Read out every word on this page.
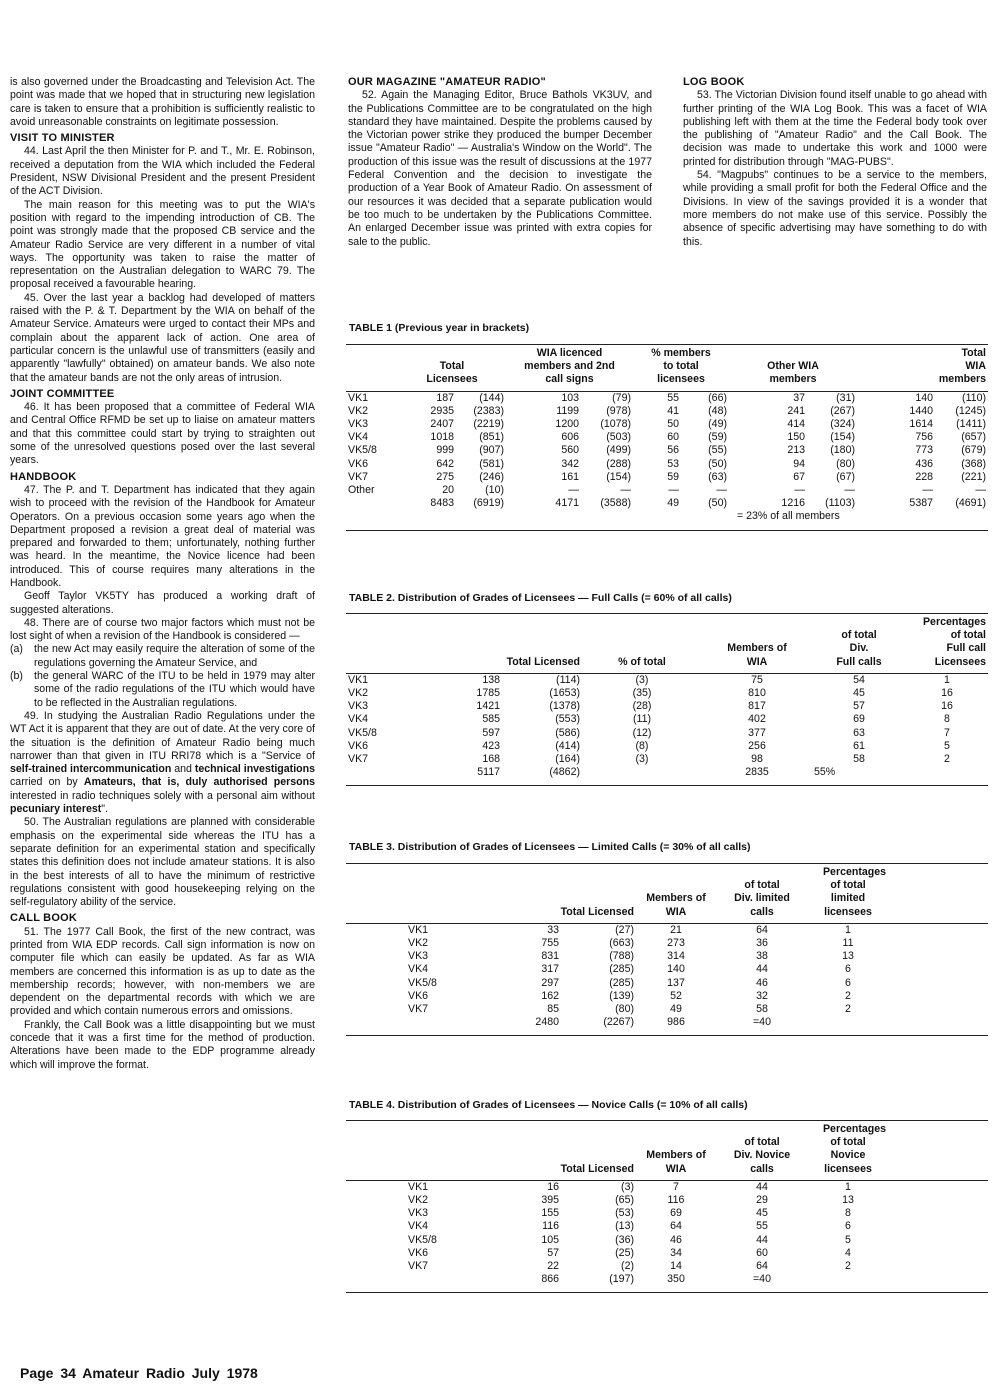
is also governed under the Broadcasting and Television Act. The point was made that we hoped that in structuring new legislation care is taken to ensure that a prohibition is sufficiently realistic to avoid unreasonable constraints on legitimate possession.

VISIT TO MINISTER

44. Last April the then Minister for P. and T., Mr. E. Robinson, received a deputation from the WIA which included the Federal President, NSW Divisional President and the present President of the ACT Division.

The main reason for this meeting was to put the WIA's position with regard to the impending introduction of CB. The point was strongly made that the proposed CB service and the Amateur Radio Service are very different in a number of vital ways. The opportunity was taken to raise the matter of representation on the Australian delegation to WARC 79. The proposal received a favourable hearing.

45. Over the last year a backlog had developed of matters raised with the P. & T. Department by the WIA on behalf of the Amateur Service. Amateurs were urged to contact their MPs and complain about the apparent lack of action. One area of particular concern is the unlawful use of transmitters (easily and apparently "lawfully" obtained) on amateur bands. We also note that the amateur bands are not the only areas of intrusion.

JOINT COMMITTEE

46. It has been proposed that a committee of Federal WIA and Central Office RFMD be set up to liaise on amateur matters and that this committee could start by trying to straighten out some of the unresolved questions posed over the last several years.

HANDBOOK

47. The P. and T. Department has indicated that they again wish to proceed with the revision of the Handbook for Amateur Operators. On a previous occasion some years ago when the Department proposed a revision a great deal of material was prepared and forwarded to them; unfortunately, nothing further was heard. In the meantime, the Novice licence had been introduced. This of course requires many alterations in the Handbook.

Geoff Taylor VK5TY has produced a working draft of suggested alterations.

48. There are of course two major factors which must not be lost sight of when a revision of the Handbook is considered —

(a) the new Act may easily require the alteration of some of the regulations governing the Amateur Service, and

(b) the general WARC of the ITU to be held in 1979 may alter some of the radio regulations of the ITU which would have to be reflected in the Australian regulations.

49. In studying the Australian Radio Regulations under the WT Act it is apparent that they are out of date. At the very core of the situation is the definition of Amateur Radio being much narrower than that given in ITU RRI78 which is a "Service of self-trained intercommunication and technical investigations carried on by Amateurs, that is, duly authorised persons interested in radio techniques solely with a personal aim without pecuniary interest".

50. The Australian regulations are planned with considerable emphasis on the experimental side whereas the ITU has a separate definition for an experimental station and specifically states this definition does not include amateur stations. It is also in the best interests of all to have the minimum of restrictive regulations consistent with good housekeeping relying on the self-regulatory ability of the service.

CALL BOOK

51. The 1977 Call Book, the first of the new contract, was printed from WIA EDP records. Call sign information is now on computer file which can easily be updated. As far as WIA members are concerned this information is as up to date as the membership records; however, with non-members we are dependent on the departmental records with which we are provided and which contain numerous errors and omissions.

Frankly, the Call Book was a little disappointing but we must concede that it was a first time for the method of production. Alterations have been made to the EDP programme already which will improve the format.

OUR MAGAZINE "AMATEUR RADIO"

52. Again the Managing Editor, Bruce Bathols VK3UV, and the Publications Committee are to be congratulated on the high standard they have maintained. Despite the problems caused by the Victorian power strike they produced the bumper December issue "Amateur Radio" — Australia's Window on the World". The production of this issue was the result of discussions at the 1977 Federal Convention and the decision to investigate the production of a Year Book of Amateur Radio. On assessment of our resources it was decided that a separate publication would be too much to be undertaken by the Publications Committee. An enlarged December issue was printed with extra copies for sale to the public.

LOG BOOK

53. The Victorian Division found itself unable to go ahead with further printing of the WIA Log Book. This was a facet of WIA publishing left with them at the time the Federal body took over the publishing of "Amateur Radio" and the Call Book. The decision was made to undertake this work and 1000 were printed for distribution through "MAG-PUBS".

54. "Magpubs" continues to be a service to the members, while providing a small profit for both the Federal Office and the Divisions. In view of the savings provided it is a wonder that more members do not make use of this service. Possibly the absence of specific advertising may have something to do with this.

TABLE 1 (Previous year in brackets)
	Total
Licensees		WIA licenced
members and 2nd
call signs		% members
to total
licensees		Other WIA
members		Total
WIA
members	
VK1	187	(144)	103	(79)	55	(66)	37	(31)	140	(110)
VK2	2935	(2383)	1199	(978)	41	(48)	241	(267)	1440	(1245)
VK3	2407	(2219)	1200	(1078)	50	(49)	414	(324)	1614	(1411)
VK4	1018	(851)	606	(503)	60	(59)	150	(154)	756	(657)
VK5/8	999	(907)	560	(499)	56	(55)	213	(180)	773	(679)
VK6	642	(581)	342	(288)	53	(50)	94	(80)	436	(368)
VK7	275	(246)	161	(154)	59	(63)	67	(67)	228	(221)
Other	20	(10)	—	—	—	—	—	—	—	—
	8483	(6919)	4171	(3588)	49	(50)	1216	(1103)	5387	(4691)
							= 23% of all members			
TABLE 2. Distribution of Grades of Licensees — Full Calls (= 60% of all calls)
					Percentages	
	Total Licensed		% of total	Members of
WIA	of total
Div.
Full calls	of total
Full call
Licensees
VK1	138	(114)	(3)	75	54	1
VK2	1785	(1653)	(35)	810	45	16
VK3	1421	(1378)	(28)	817	57	16
VK4	585	(553)	(11)	402	69	8
VK5/8	597	(586)	(12)	377	63	7
VK6	423	(414)	(8)	256	61	5
VK7	168	(164)	(3)	98	58	2
	5117	(4862)		2835	55%	
TABLE 3. Distribution of Grades of Licensees — Limited Calls (= 30% of all calls)
				Percentages		
	Total Licensed		Members of
WIA	of total
Div. limited
calls	of total
limited
licensees	
VK1	33	(27)	21	64	1	
VK2	755	(663)	273	36	11	
VK3	831	(788)	314	38	13	
VK4	317	(285)	140	44	6	
VK5/8	297	(285)	137	46	6	
VK6	162	(139)	52	32	2	
VK7	85	(80)	49	58	2	
	2480	(2267)	986	=40		
TABLE 4. Distribution of Grades of Licensees — Novice Calls (= 10% of all calls)
				Percentages		
	Total Licensed		Members of
WIA	of total
Div. Novice
calls	of total
Novice
licensees	
VK1	16	(3)	7	44	1	
VK2	395	(65)	116	29	13	
VK3	155	(53)	69	45	8	
VK4	116	(13)	64	55	6	
VK5/8	105	(36)	46	44	5	
VK6	57	(25)	34	60	4	
VK7	22	(2)	14	64	2	
	866	(197)	350	=40		
Page 34 Amateur Radio July 1978
